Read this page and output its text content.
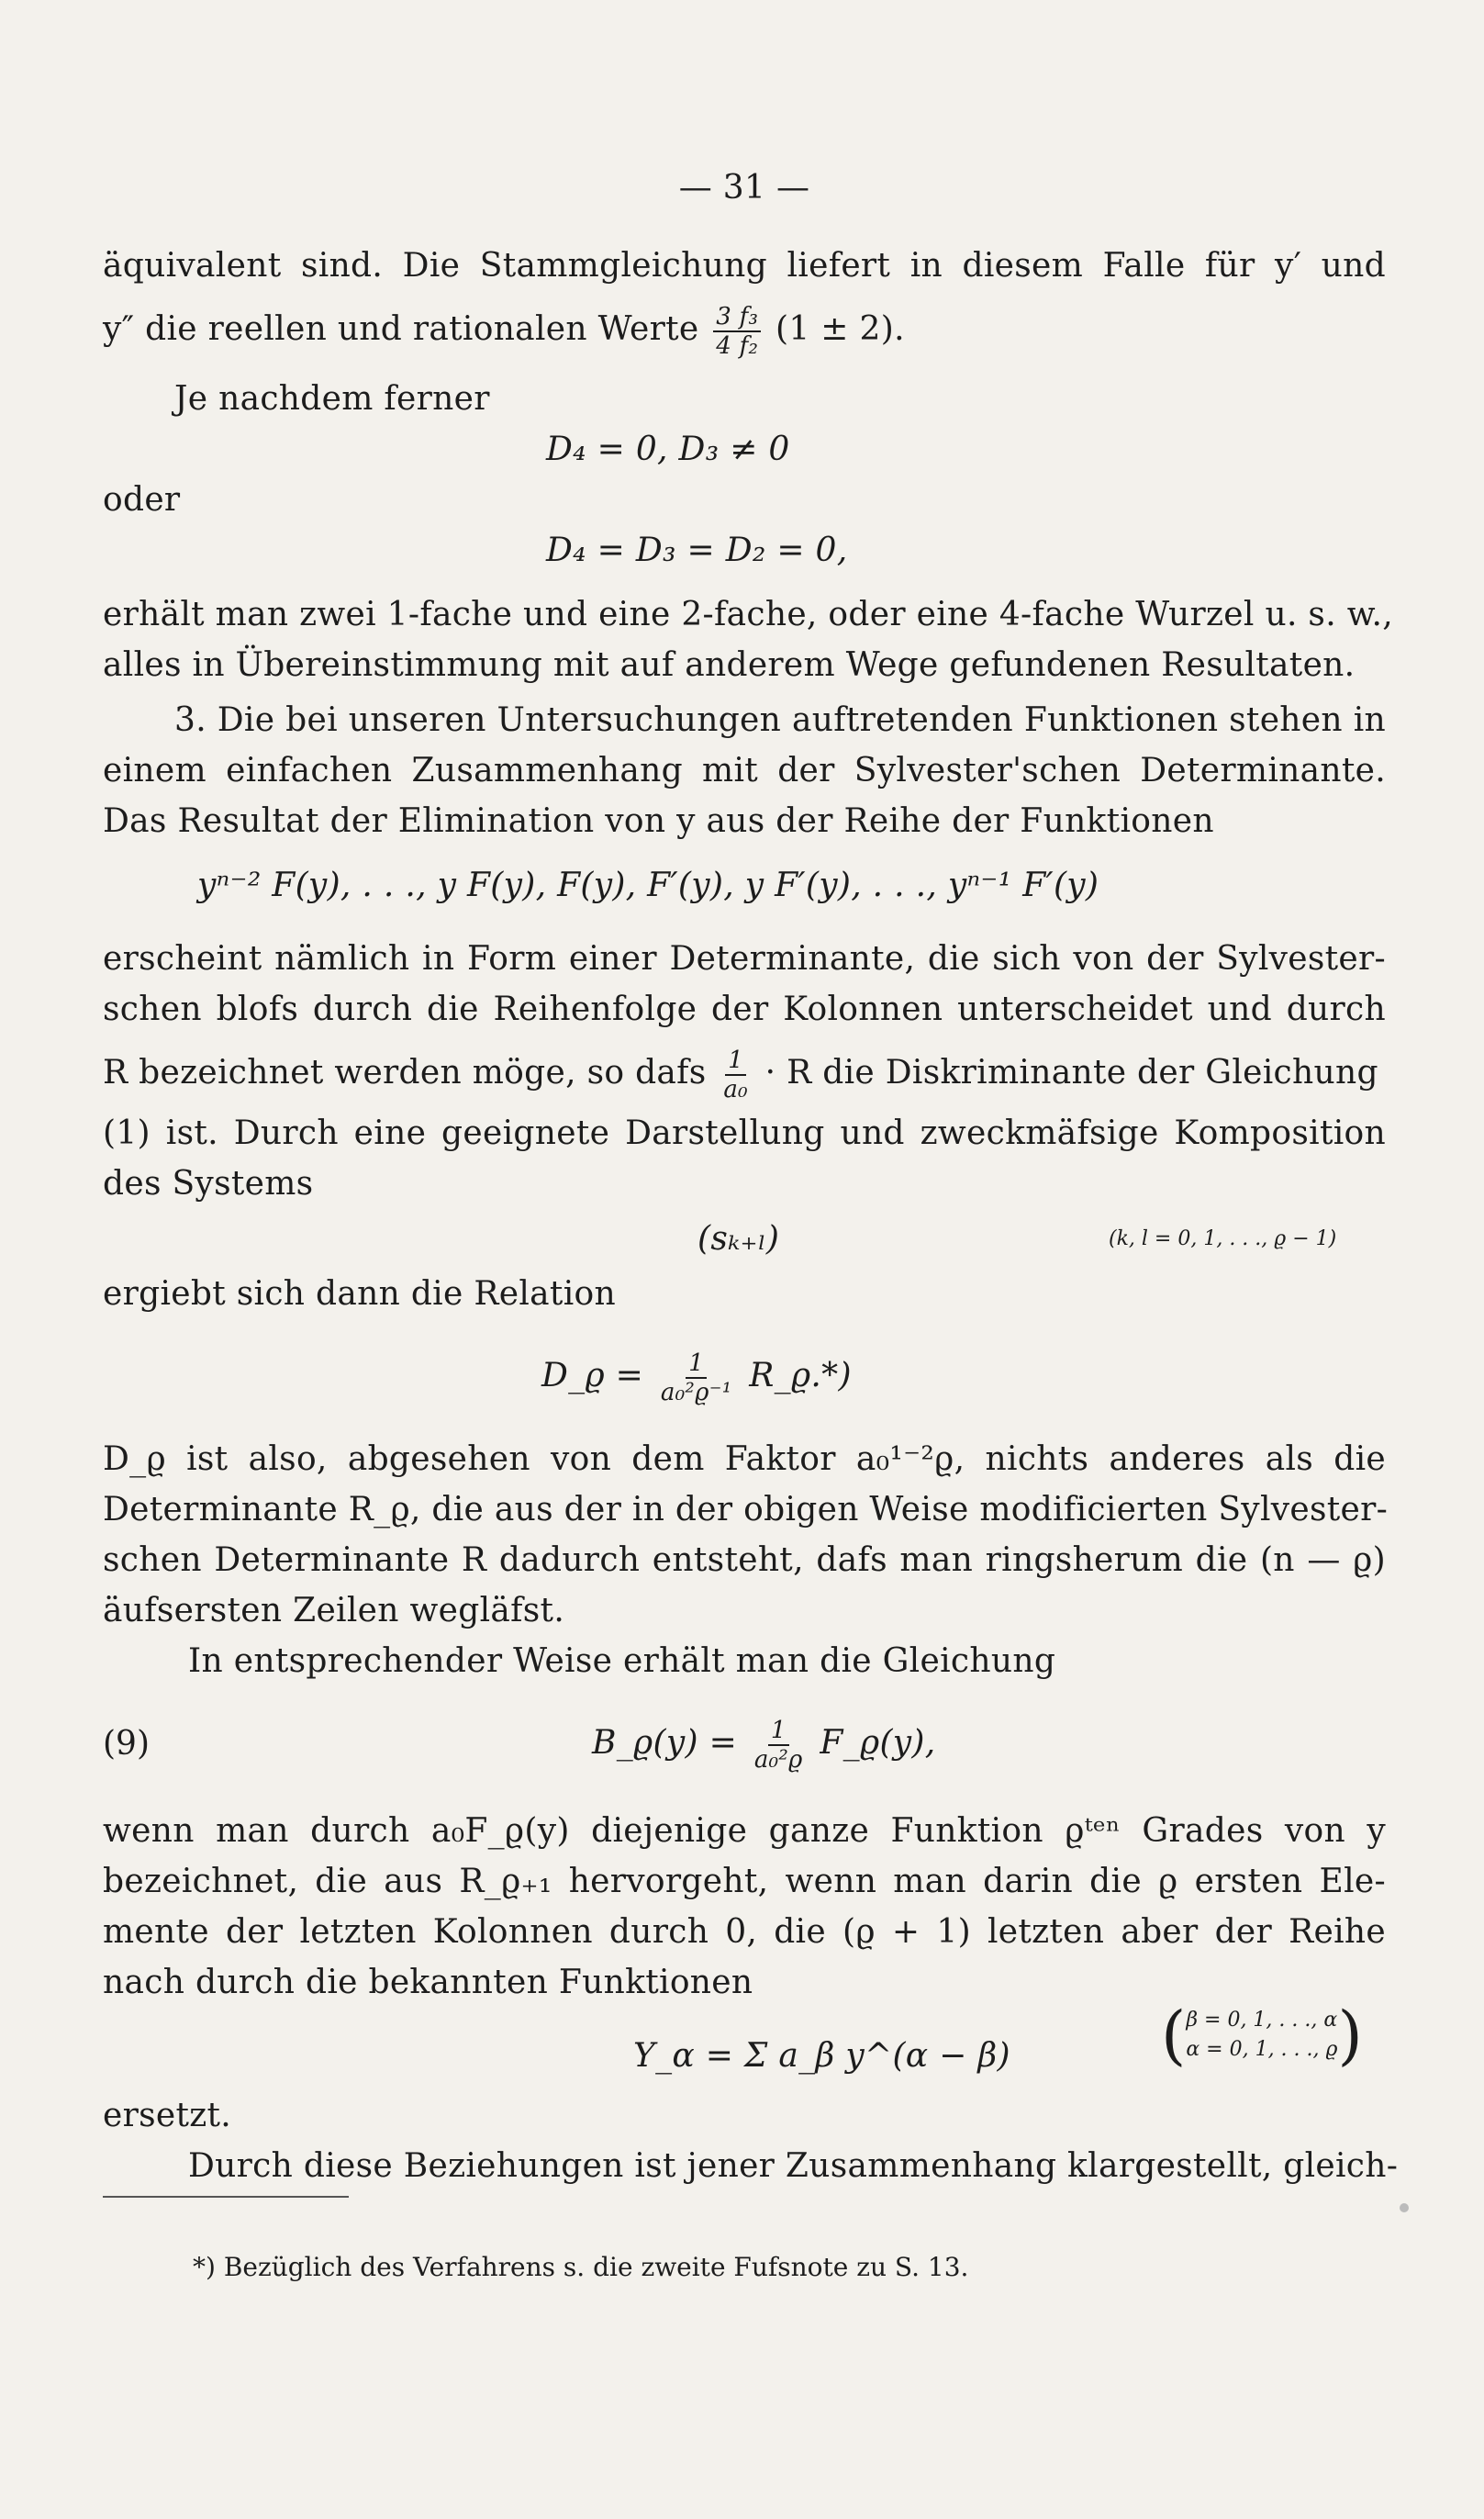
— 31 —
äquivalent sind. Die Stammgleichung liefert in diesem Falle für y′ und
y″ die reellen und rationalen Werte $\frac{\text{3 f₃}}{\text{4 f₂}} (1 \pm 2)$.
Je nachdem ferner
D₄ = 0, D₃ ≠ 0
oder
D₄ = D₃ = D₂ = 0,
erhält man zwei 1-fache und eine 2-fache, oder eine 4-fache Wurzel u. s. w.,
alles in Übereinstimmung mit auf anderem Wege gefundenen Resultaten.
3. Die bei unseren Untersuchungen auftretenden Funktionen stehen in
einem einfachen Zusammenhang mit der Sylvester'schen Determinante.
Das Resultat der Elimination von y aus der Reihe der Funktionen
yⁿ⁻² F(y), . . ., y F(y), F(y), F′(y), y F′(y), . . ., yⁿ⁻¹ F′(y)
erscheint nämlich in Form einer Determinante, die sich von der Sylvester-
schen blofs durch die Reihenfolge der Kolonnen unterscheidet und durch
R bezeichnet werden möge, so dafs $\frac{1}{\text{a₀}} \cdot R$ die Diskriminante der Gleichung
(1) ist. Durch eine geeignete Darstellung und zweckmäfsige Komposition
des Systems
(sₖ₊ₗ)	(k, l = 0, 1, . . ., ϱ − 1)
ergiebt sich dann die Relation
D_ϱ = $\frac{1}{\text{a₀²ϱ⁻¹}}$ R_ϱ.*)
D_ϱ ist also, abgesehen von dem Faktor a₀¹⁻²ϱ, nichts anderes als die
Determinante R_ϱ, die aus der in der obigen Weise modificierten Sylvester-
schen Determinante R dadurch entsteht, dafs man ringsherum die (n — ϱ)
äufsersten Zeilen wegläfst.
In entsprechender Weise erhält man die Gleichung
(9)	B_ϱ(y) = $\frac{1}{\text{a₀²ϱ}}$ F_ϱ(y),
wenn man durch a₀F_ϱ(y) diejenige ganze Funktion ϱᵗᵉⁿ Grades von y
bezeichnet, die aus R_ϱ₊₁ hervorgeht, wenn man darin die ϱ ersten Ele-
mente der letzten Kolonnen durch 0, die (ϱ + 1) letzten aber der Reihe
nach durch die bekannten Funktionen
Y_α = Σ a_β y^(α − β) ( β = 0, 1, . . ., α
α = 0, 1, . . ., ϱ )
ersetzt.
Durch diese Beziehungen ist jener Zusammenhang klargestellt, gleich-
*) Bezüglich des Verfahrens s. die zweite Fufsnote zu S. 13.
